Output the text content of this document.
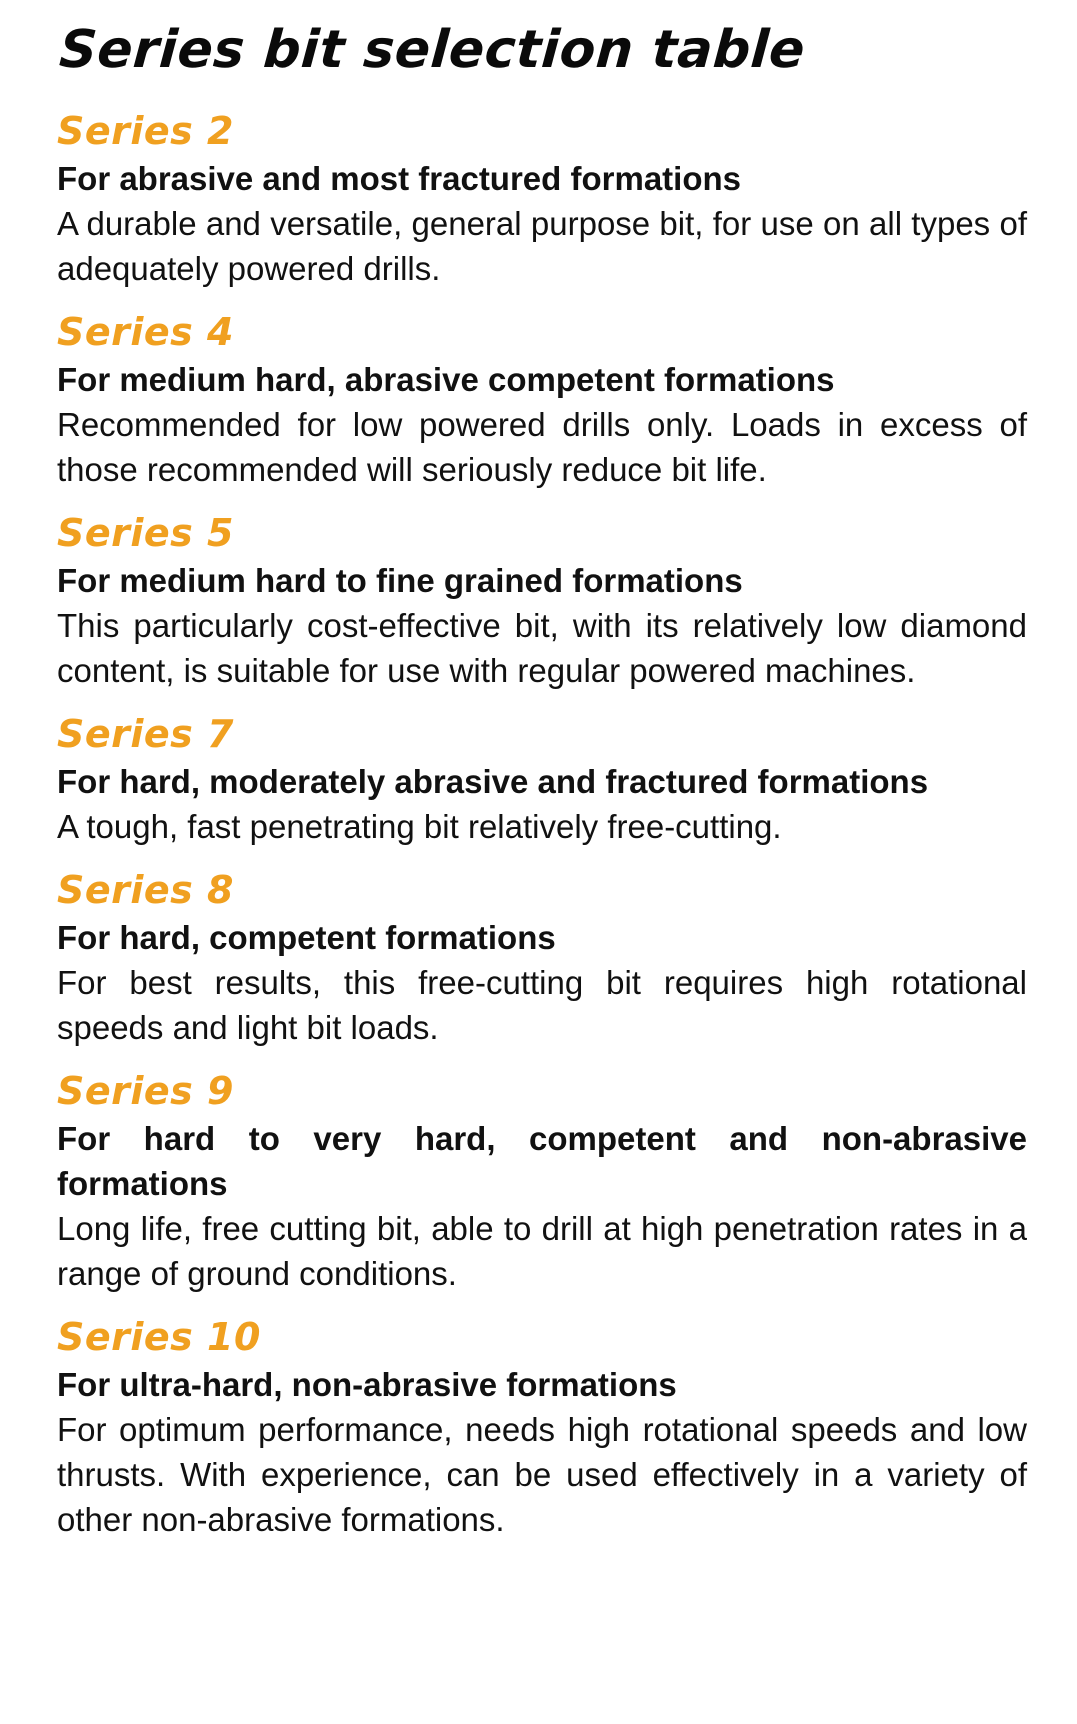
Series bit selection table
Series 2
For abrasive and most fractured formations
A durable and versatile, general purpose bit, for use on all types of adequately powered drills.
Series 4
For medium hard, abrasive competent formations
Recommended for low powered drills only. Loads in excess of those recommended will seriously reduce bit life.
Series 5
For medium hard to fine grained formations
This particularly cost-effective bit, with its relatively low diamond content, is suitable for use with regular powered machines.
Series 7
For hard, moderately abrasive and fractured formations
A tough, fast penetrating bit relatively free-cutting.
Series 8
For hard, competent formations
For best results, this free-cutting bit requires high rotational speeds and light bit loads.
Series 9
For hard to very hard, competent and non-abrasive formations
Long life, free cutting bit, able to drill at high penetration rates in a range of ground conditions.
Series 10
For ultra-hard, non-abrasive formations
For optimum performance, needs high rotational speeds and low thrusts. With experience, can be used effectively in a variety of other non-abrasive formations.
